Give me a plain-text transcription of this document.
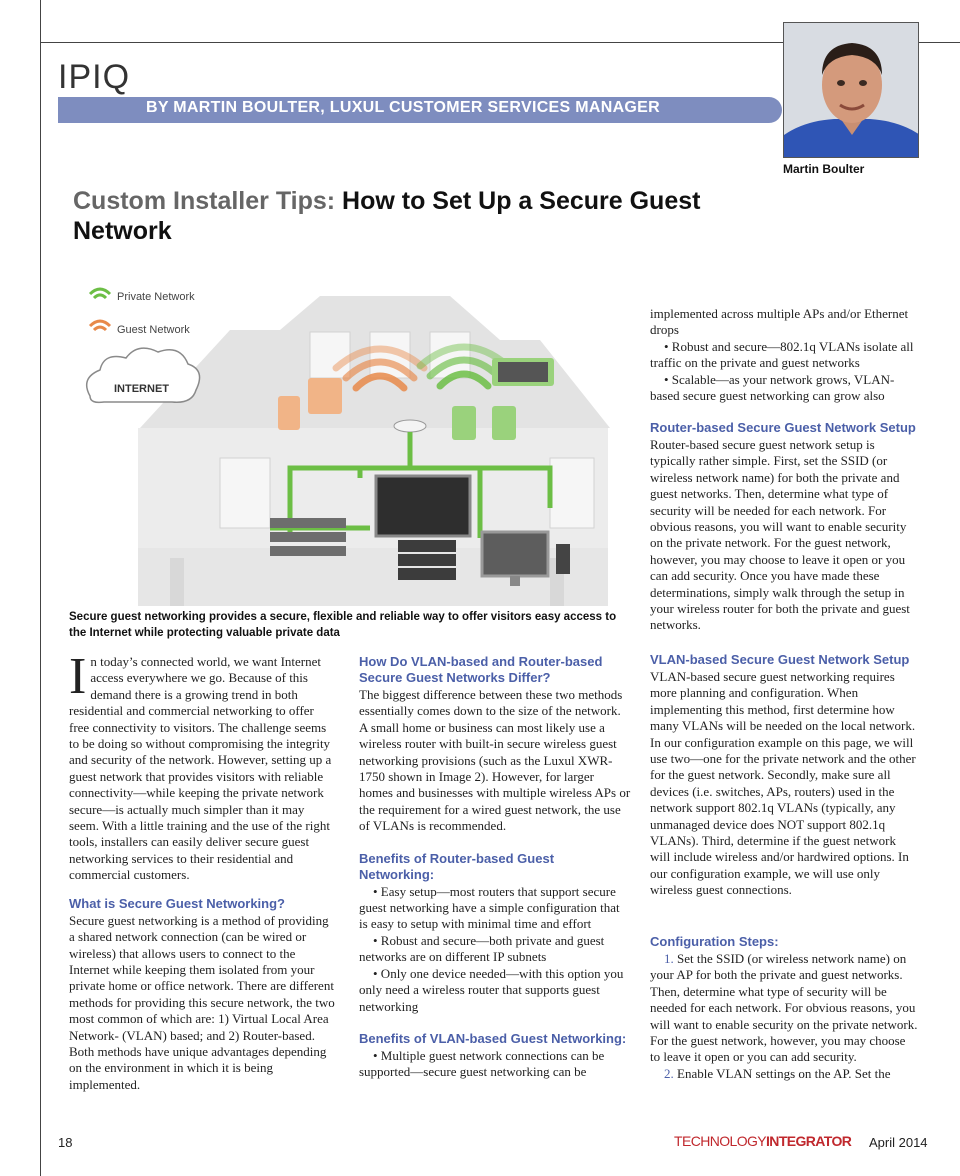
IPIQ
BY MARTIN BOULTER, LUXUL CUSTOMER SERVICES MANAGER
Martin Boulter
Custom Installer Tips: How to Set Up a Secure Guest Network
INTERNET
Private Network
Guest Network
Secure guest networking provides a secure, flexible and reliable way to offer visitors easy access to the Internet while protecting valuable private data

In today’s connected world, we want Internet access everywhere we go. Because of this demand there is a growing trend in both residential and commercial networking to offer free connectivity to visitors. The challenge seems to be doing so without compromising the integrity and security of the network. However, setting up a guest network that provides visitors with reliable connectivity—while keeping the private network secure—is actually much simpler than it may seem. With a little training and the use of the right tools, installers can easily deliver secure guest networking services to their residential and commercial customers.

What is Secure Guest Networking?

Secure guest networking is a method of providing a shared network connection (can be wired or wireless) that allows users to connect to the Internet while keeping them isolated from your private home or office network. There are different methods for providing this secure network, the two most common of which are: 1) Virtual Local Area Network- (VLAN) based; and 2) Router-based. Both methods have unique advantages depending on the environment in which it is being implemented.

How Do VLAN-based and Router-based Secure Guest Networks Differ?

The biggest difference between these two methods essentially comes down to the size of the network. A small home or business can most likely use a wireless router with built-in secure wireless guest networking provisions (such as the Luxul XWR-1750 shown in Image 2). However, for larger homes and businesses with multiple wireless APs or the requirement for a wired guest network, the use of VLANs is recommended.

Benefits of Router-based Guest Networking:

• Easy setup—most routers that support secure guest networking have a simple configuration that is easy to setup with minimal time and effort

• Robust and secure—both private and guest networks are on different IP subnets

• Only one device needed—with this option you only need a wireless router that supports guest networking

Benefits of VLAN-based Guest Networking:

• Multiple guest network connections can be supported—secure guest networking can be

implemented across multiple APs and/or Ethernet drops

• Robust and secure—802.1q VLANs isolate all traffic on the private and guest networks

• Scalable—as your network grows, VLAN-based secure guest networking can grow also

Router-based Secure Guest Network Setup

Router-based secure guest network setup is typically rather simple. First, set the SSID (or wireless network name) for both the private and guest networks. Then, determine what type of security will be needed for each network. For obvious reasons, you will want to enable security on the private network. For the guest network, however, you may choose to leave it open or you can add security. Once you have made these determinations, simply walk through the setup in your wireless router for both the private and guest networks.

VLAN-based Secure Guest Network Setup

VLAN-based secure guest networking requires more planning and configuration. When implementing this method, first determine how many VLANs will be needed on the local network. In our configuration example on this page, we will use two—one for the private network and the other for the guest network. Secondly, make sure all devices (i.e. switches, APs, routers) used in the network support 802.1q VLANs (typically, any unmanaged device does NOT support 802.1q VLANs). Third, determine if the guest network will include wireless and/or hardwired options. In our configuration example, we will use only wireless guest connections.

Configuration Steps:

1. Set the SSID (or wireless network name) on your AP for both the private and guest networks. Then, determine what type of security will be needed for each network. For obvious reasons, you will want to enable security on the private network. For the guest network, however, you may choose to leave it open or you can add security.

2. Enable VLAN settings on the AP. Set the

18	TECHNOLOGYINTEGRATOR April 2014
